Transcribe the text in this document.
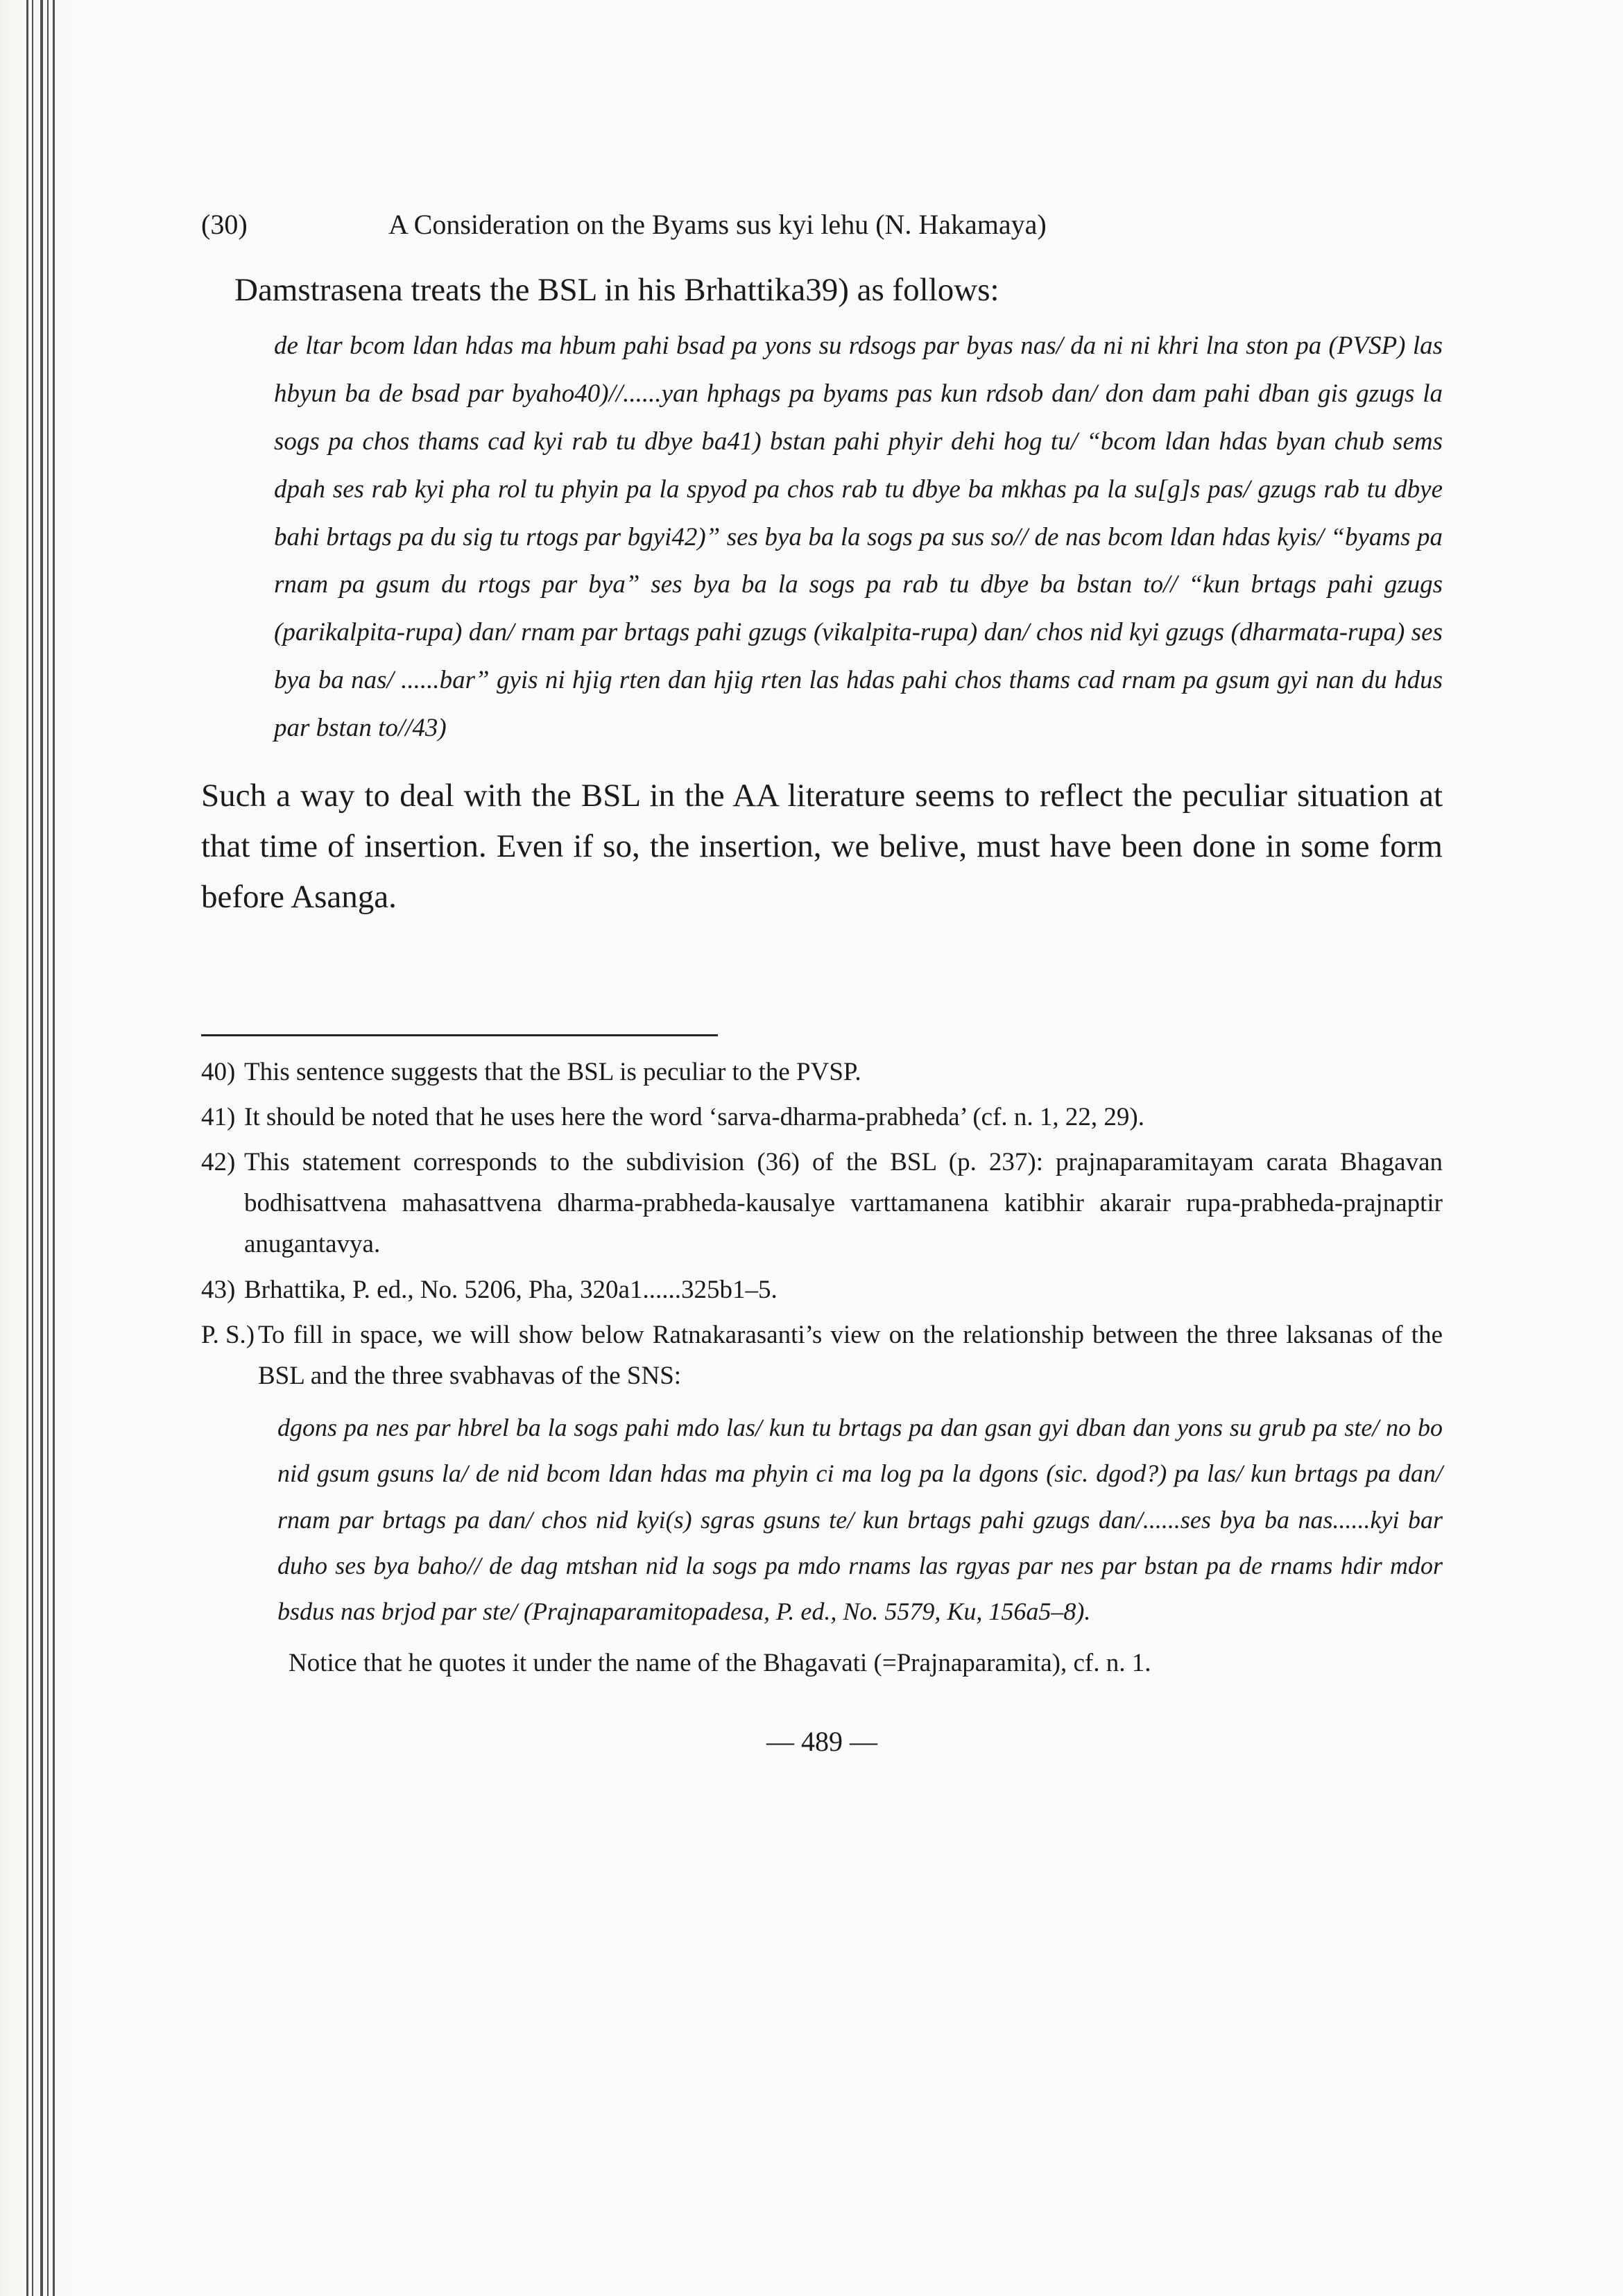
(30)	A Consideration on the Byams sus kyi lehu (N. Hakamaya)

Damstrasena treats the BSL in his Brhattika39) as follows:

de ltar bcom ldan hdas ma hbum pahi bsad pa yons su rdsogs par byas nas/ da ni ni khri lna ston pa (PVSP) las hbyun ba de bsad par byaho40)//......yan hphags pa byams pas kun rdsob dan/ don dam pahi dban gis gzugs la sogs pa chos thams cad kyi rab tu dbye ba41) bstan pahi phyir dehi hog tu/ “bcom ldan hdas byan chub sems dpah ses rab kyi pha rol tu phyin pa la spyod pa chos rab tu dbye ba mkhas pa la su[g]s pas/ gzugs rab tu dbye bahi brtags pa du sig tu rtogs par bgyi42)” ses bya ba la sogs pa sus so// de nas bcom ldan hdas kyis/ “byams pa rnam pa gsum du rtogs par bya” ses bya ba la sogs pa rab tu dbye ba bstan to// “kun brtags pahi gzugs (parikalpita-rupa) dan/ rnam par brtags pahi gzugs (vikalpita-rupa) dan/ chos nid kyi gzugs (dharmata-rupa) ses bya ba nas/ ......bar” gyis ni hjig rten dan hjig rten las hdas pahi chos thams cad rnam pa gsum gyi nan du hdus par bstan to//43)

Such a way to deal with the BSL in the AA literature seems to reflect the peculiar situation at that time of insertion. Even if so, the insertion, we belive, must have been done in some form before Asanga.

40) This sentence suggests that the BSL is peculiar to the PVSP.
41) It should be noted that he uses here the word ‘sarva-dharma-prabheda’ (cf. n. 1, 22, 29).
42) This statement corresponds to the subdivision (36) of the BSL (p. 237): prajnaparamitayam carata Bhagavan bodhisattvena mahasattvena dharma-prabheda-kausalye varttamanena katibhir akarair rupa-prabheda-prajnaptir anugantavya.
43) Brhattika, P. ed., No. 5206, Pha, 320a1......325b1–5.
P. S.) To fill in space, we will show below Ratnakarasanti’s view on the relationship between the three laksanas of the BSL and the three svabhavas of the SNS:

dgons pa nes par hbrel ba la sogs pahi mdo las/ kun tu brtags pa dan gsan gyi dban dan yons su grub pa ste/ no bo nid gsum gsuns la/ de nid bcom ldan hdas ma phyin ci ma log pa la dgons (sic. dgod?) pa las/ kun brtags pa dan/ rnam par brtags pa dan/ chos nid kyi(s) sgras gsuns te/ kun brtags pahi gzugs dan/......ses bya ba nas......kyi bar duho ses bya baho// de dag mtshan nid la sogs pa mdo rnams las rgyas par nes par bstan pa de rnams hdir mdor bsdus nas brjod par ste/ (Prajnaparamitopadesa, P. ed., No. 5579, Ku, 156a5–8).

Notice that he quotes it under the name of the Bhagavati (=Prajnaparamita), cf. n. 1.

— 489 —
